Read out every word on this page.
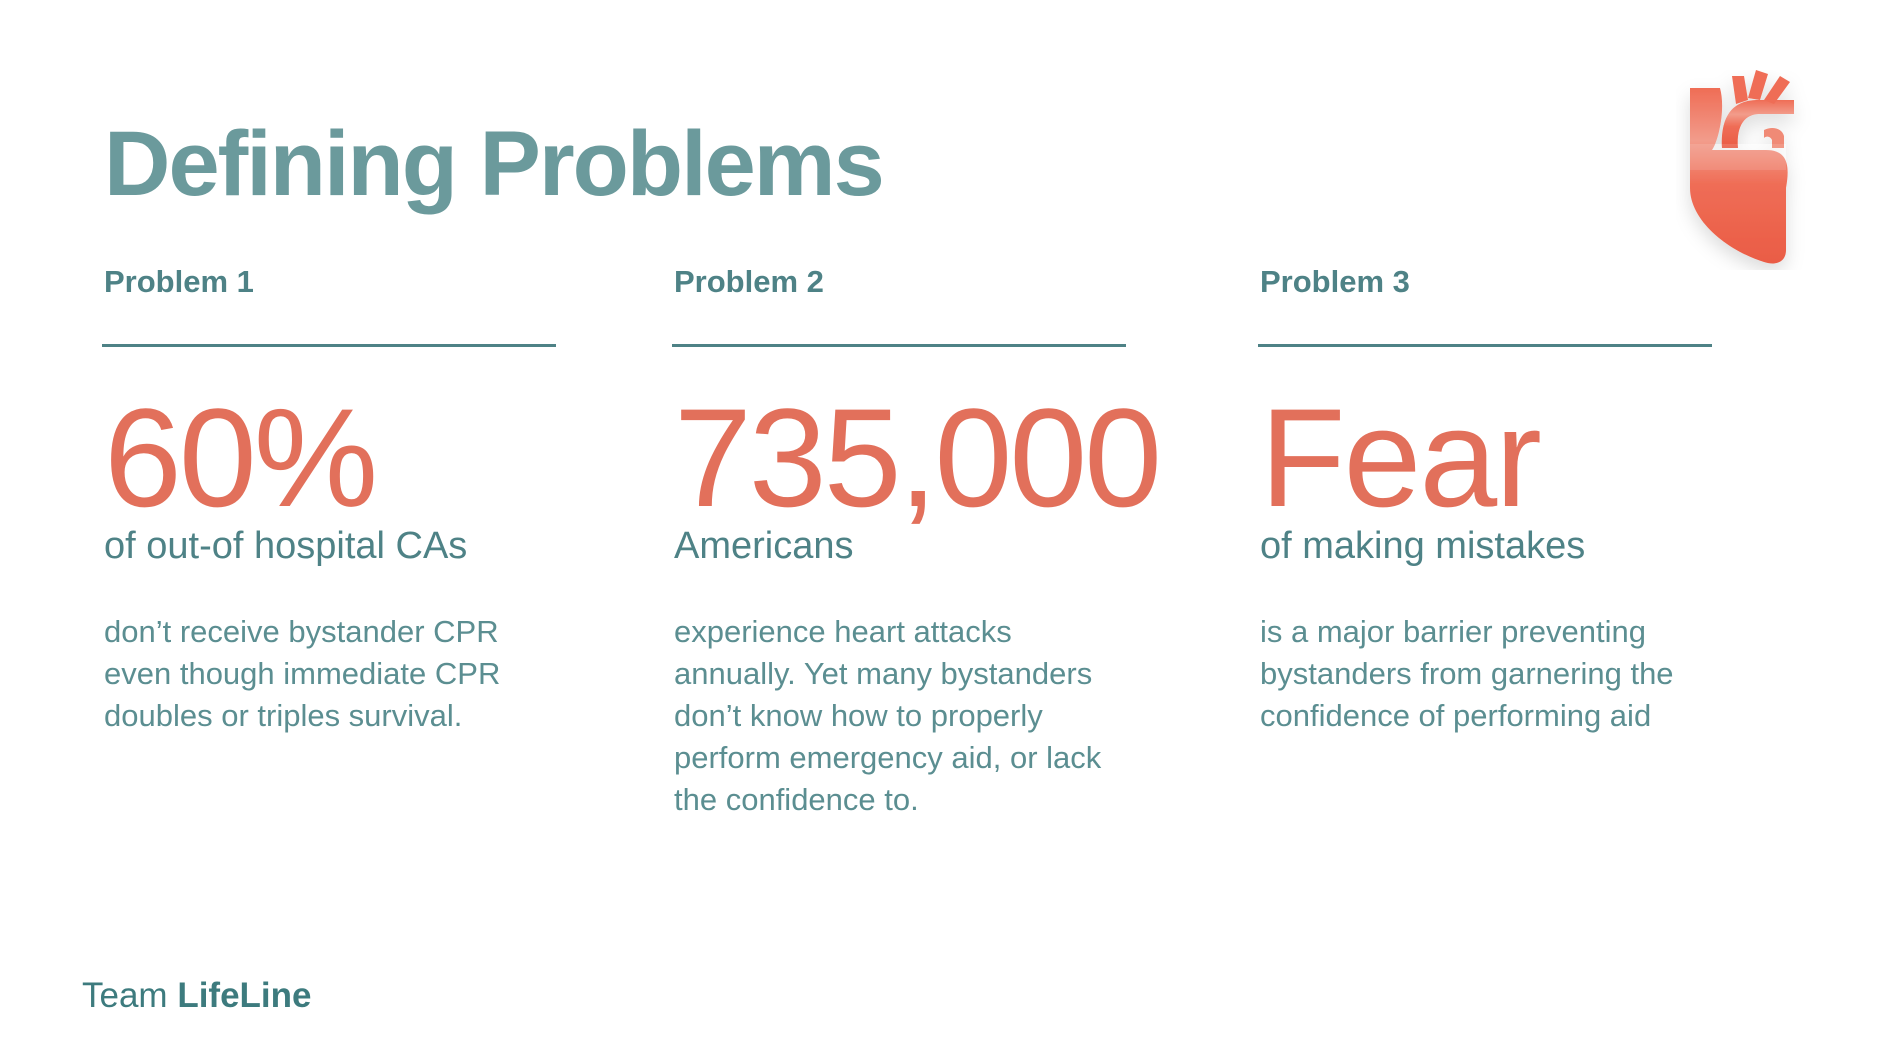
Defining Problems
Problem 1
60%
of out-of hospital CAs
don’t receive bystander CPR even though immediate CPR doubles or triples survival.
Problem 2
735,000
Americans
experience heart attacks annually. Yet many bystanders don’t know how to properly perform emergency aid, or lack the confidence to.
Problem 3
Fear
of making mistakes
is a major barrier preventing bystanders from garnering the confidence of performing aid
Team LifeLine
